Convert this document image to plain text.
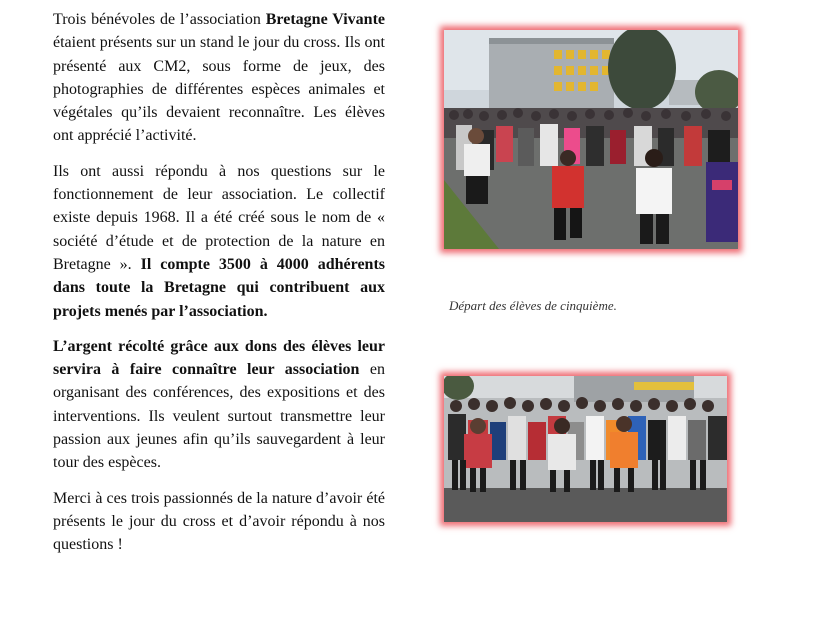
Trois bénévoles de l’association Bretagne Vivante étaient présents sur un stand le jour du cross. Ils ont présenté aux CM2, sous forme de jeux, des photographies de différentes espèces animales et végétales qu’ils devaient reconnaître. Les élèves ont apprécié l’activité.

Ils ont aussi répondu à nos questions sur le fonctionnement de leur association. Le collectif existe depuis 1968. Il a été créé sous le nom de « société d’étude et de protection de la nature en Bretagne ». Il compte 3500 à 4000 adhérents dans toute la Bretagne qui contribuent aux projets menés par l’association.

L’argent récolté grâce aux dons des élèves leur servira à faire connaître leur association en organisant des conférences, des expositions et des interventions. Ils veulent surtout transmettre leur passion aux jeunes afin qu’ils sauvegardent à leur tour des espèces.

Merci à ces trois passionnés de la nature d’avoir été présents le jour du cross et d’avoir répondu à nos questions !

Départ des élèves de cinquième.
